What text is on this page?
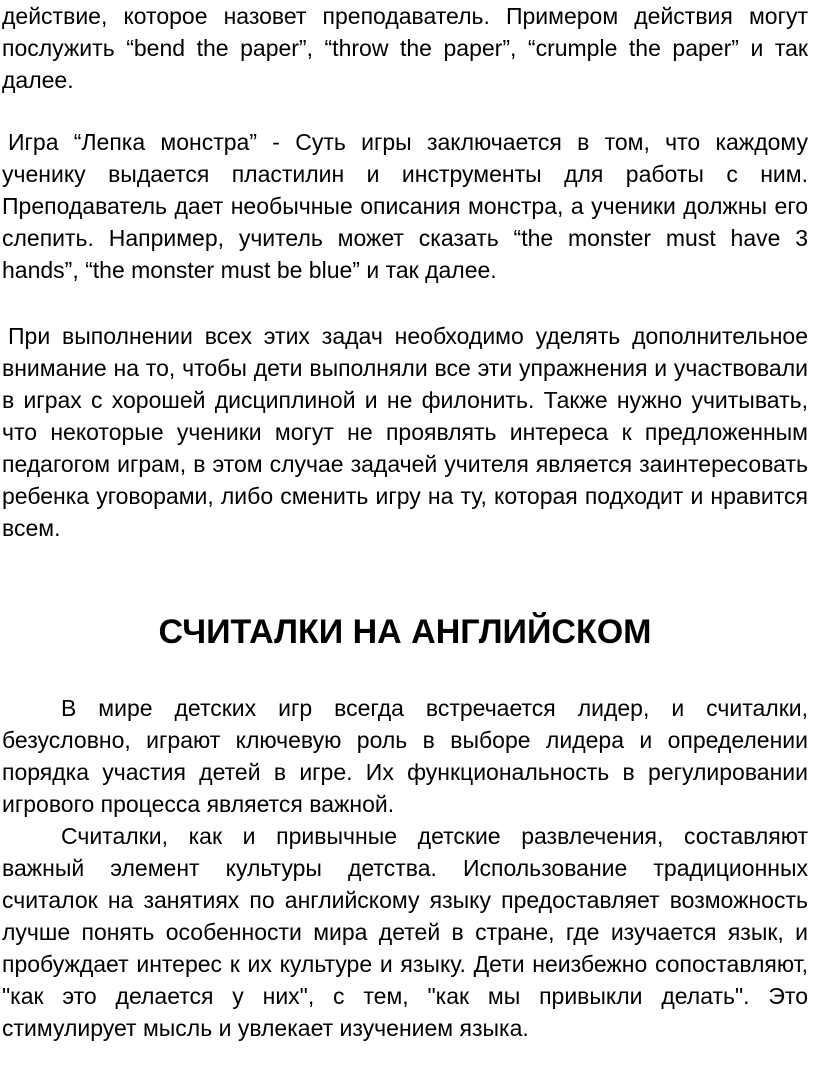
действие, которое назовет преподаватель. Примером действия могут послужить “bend the paper”, “throw the paper”, “crumple the paper” и так далее.

Игра “Лепка монстра” - Суть игры заключается в том, что каждому ученику выдается пластилин и инструменты для работы с ним. Преподаватель дает необычные описания монстра, а ученики должны его слепить. Например, учитель может сказать “the monster must have 3 hands”, “the monster must be blue” и так далее.

При выполнении всех этих задач необходимо уделять дополнительное внимание на то, чтобы дети выполняли все эти упражнения и участвовали в играх с хорошей дисциплиной и не филонить. Также нужно учитывать, что некоторые ученики могут не проявлять интереса к предложенным педагогом играм, в этом случае задачей учителя является заинтересовать ребенка уговорами, либо сменить игру на ту, которая подходит и нравится всем.

СЧИТАЛКИ НА АНГЛИЙСКОМ

В мире детских игр всегда встречается лидер, и считалки, безусловно, играют ключевую роль в выборе лидера и определении порядка участия детей в игре. Их функциональность в регулировании игрового процесса является важной.

Считалки, как и привычные детские развлечения, составляют важный элемент культуры детства. Использование традиционных считалок на занятиях по английскому языку предоставляет возможность лучше понять особенности мира детей в стране, где изучается язык, и пробуждает интерес к их культуре и языку. Дети неизбежно сопоставляют, "как это делается у них", с тем, "как мы привыкли делать". Это стимулирует мысль и увлекает изучением языка.
